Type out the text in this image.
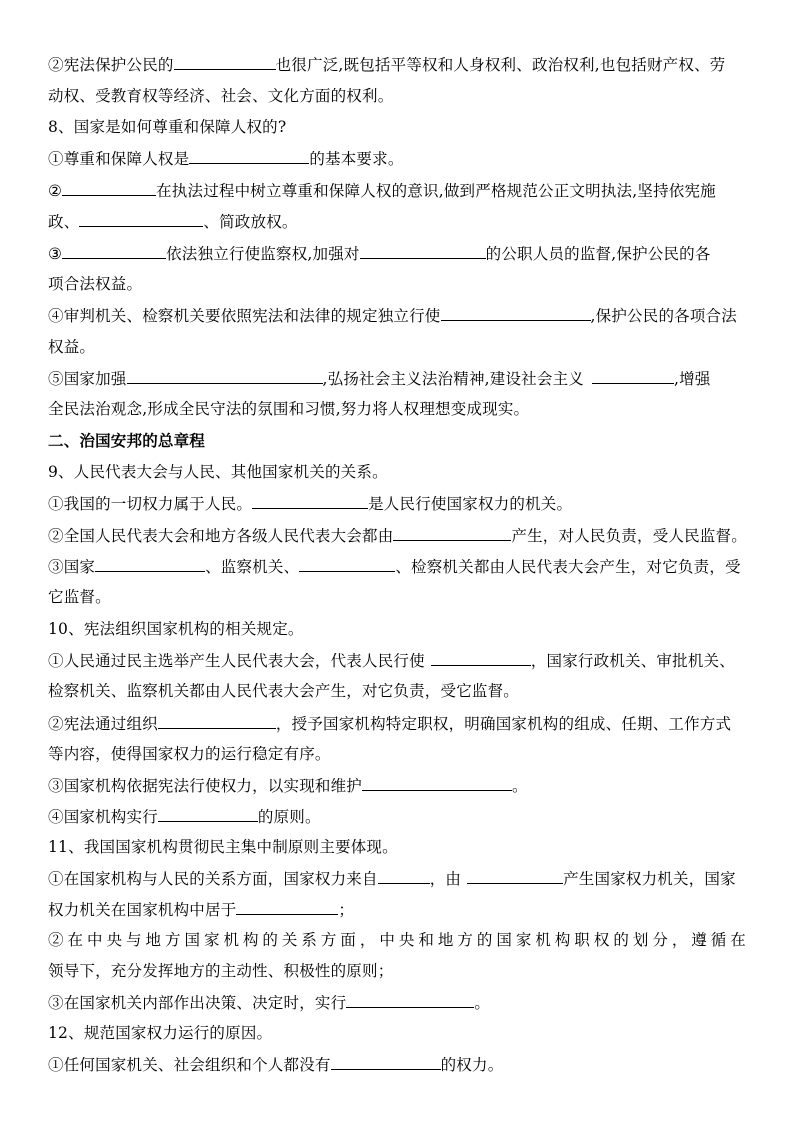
②宪法保护公民的	也很广泛,既包括平等权和人身权利、政治权利,也包括财产权、劳
动权、受教育权等经济、社会、文化方面的权利。
8、国家是如何尊重和保障人权的?
①尊重和保障人权是	的基本要求。
②	在执法过程中树立尊重和保障人权的意识,做到严格规范公正文明执法,坚持依宪施
政、	、简政放权。
③	依法独立行使监察权,加强对	的公职人员的监督,保护公民的各
项合法权益。
④审判机关、检察机关要依照宪法和法律的规定独立行使	,保护公民的各项合法
权益。
⑤国家加强	,弘扬社会主义法治精神,建设社会主义	,增强
全民法治观念,形成全民守法的氛围和习惯,努力将人权理想变成现实。
二、治国安邦的总章程
9、人民代表大会与人民、其他国家机关的关系。
①我国的一切权力属于人民。	是人民行使国家权力的机关。
②全国人民代表大会和地方各级人民代表大会都由	产生，对人民负责，受人民监督。
③国家	、监察机关、	、检察机关都由人民代表大会产生，对它负责，受
它监督。
10、宪法组织国家机构的相关规定。
①人民通过民主选举产生人民代表大会，代表人民行使	，国家行政机关、审批机关、
检察机关、监察机关都由人民代表大会产生，对它负责，受它监督。
②宪法通过组织	，授予国家机构特定职权，明确国家机构的组成、任期、工作方式
等内容，使得国家权力的运行稳定有序。
③国家机构依据宪法行使权力，以实现和维护	。
④国家机构实行	的原则。
11、我国国家机构贯彻民主集中制原则主要体现。
①在国家机构与人民的关系方面，国家权力来自	，由	产生国家权力机关，国家
权力机关在国家机构中居于	；
②在中央与地方国家机构的关系方面，中央和地方的国家机构职权的划分，遵循在
领导下，充分发挥地方的主动性、积极性的原则；
③在国家机关内部作出决策、决定时，实行	。
12、规范国家权力运行的原因。
①任何国家机关、社会组织和个人都没有	的权力。
